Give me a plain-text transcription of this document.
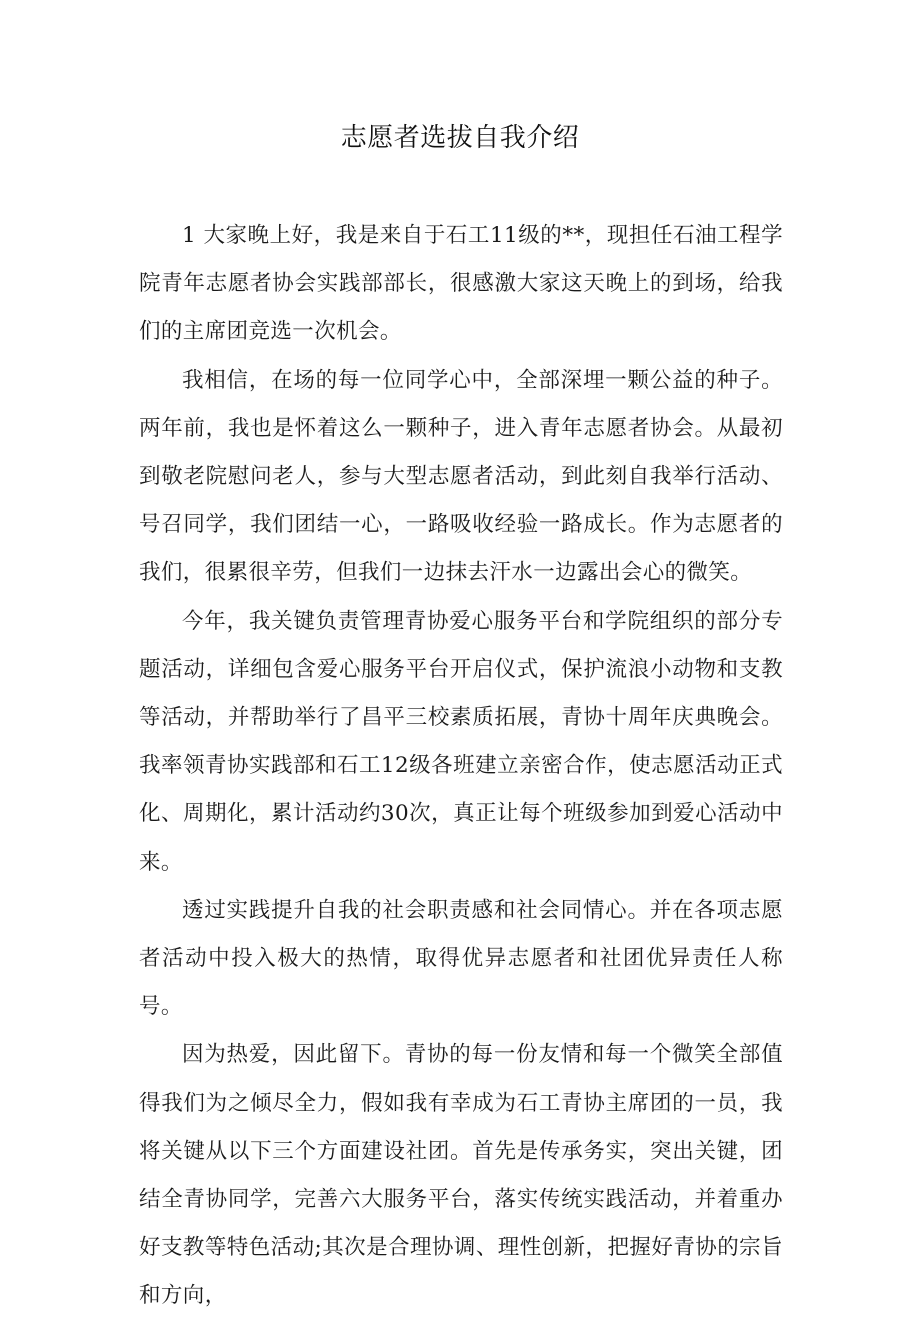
志愿者选拔自我介绍

1 大家晚上好，我是来自于石工11级的**，现担任石油工程学院青年志愿者协会实践部部长，很感激大家这天晚上的到场，给我们的主席团竞选一次机会。

我相信，在场的每一位同学心中，全部深埋一颗公益的种子。两年前，我也是怀着这么一颗种子，进入青年志愿者协会。从最初到敬老院慰问老人，参与大型志愿者活动，到此刻自我举行活动、号召同学，我们团结一心，一路吸收经验一路成长。作为志愿者的我们，很累很辛劳，但我们一边抹去汗水一边露出会心的微笑。

今年，我关键负责管理青协爱心服务平台和学院组织的部分专题活动，详细包含爱心服务平台开启仪式，保护流浪小动物和支教等活动，并帮助举行了昌平三校素质拓展，青协十周年庆典晚会。我率领青协实践部和石工12级各班建立亲密合作，使志愿活动正式化、周期化，累计活动约30次，真正让每个班级参加到爱心活动中来。

透过实践提升自我的社会职责感和社会同情心。并在各项志愿者活动中投入极大的热情，取得优异志愿者和社团优异责任人称号。

因为热爱，因此留下。青协的每一份友情和每一个微笑全部值得我们为之倾尽全力，假如我有幸成为石工青协主席团的一员，我将关键从以下三个方面建设社团。首先是传承务实，突出关键，团结全青协同学，完善六大服务平台，落实传统实践活动，并着重办好支教等特色活动;其次是合理协调、理性创新，把握好青协的宗旨和方向，
